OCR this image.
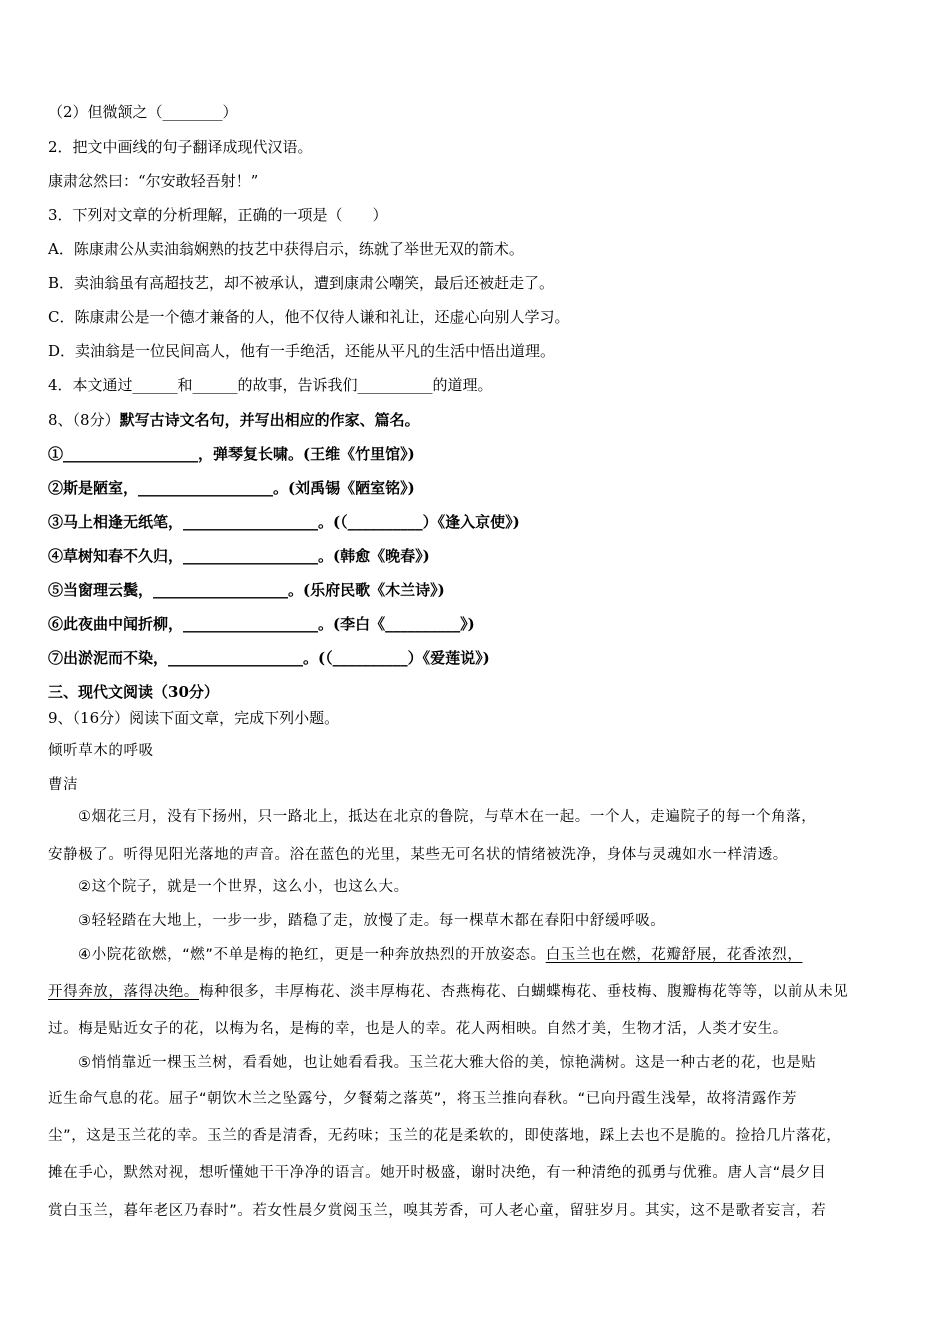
（2）但微颔之（________）
2．把文中画线的句子翻译成现代汉语。
康肃忿然曰：“尔安敢轻吾射！”
3．下列对文章的分析理解，正确的一项是（　　）
A．陈康肃公从卖油翁娴熟的技艺中获得启示，练就了举世无双的箭术。
B．卖油翁虽有高超技艺，却不被承认，遭到康肃公嘲笑，最后还被赶走了。
C．陈康肃公是一个德才兼备的人，他不仅待人谦和礼让，还虚心向别人学习。
D．卖油翁是一位民间高人，他有一手绝活，还能从平凡的生活中悟出道理。
4．本文通过______和______的故事，告诉我们__________的道理。
8、（8分）默写古诗文名句，并写出相应的作家、篇名。
①__________________，弹琴复长啸。(王维《竹里馆》)
②斯是陋室，__________________。(刘禹锡《陋室铭》)
③马上相逢无纸笔，__________________。(（__________）《逢入京使》)
④草树知春不久归，__________________。(韩愈《晚春》)
⑤当窗理云鬓，__________________。(乐府民歌《木兰诗》)
⑥此夜曲中闻折柳，__________________。(李白《__________》)
⑦出淤泥而不染，__________________。(（__________）《爱莲说》)
三、现代文阅读（30分）
9、（16分）阅读下面文章，完成下列小题。
倾听草木的呼吸
曹洁
①烟花三月，没有下扬州，只一路北上，抵达在北京的鲁院，与草木在一起。一个人，走遍院子的每一个角落，
安静极了。听得见阳光落地的声音。浴在蓝色的光里，某些无可名状的情绪被洗净，身体与灵魂如水一样清透。
②这个院子，就是一个世界，这么小，也这么大。
③轻轻踏在大地上，一步一步，踏稳了走，放慢了走。每一棵草木都在春阳中舒缓呼吸。
④小院花欲燃，“燃”不单是梅的艳红，更是一种奔放热烈的开放姿态。白玉兰也在燃，花瓣舒展，花香浓烈，
开得奔放，落得决绝。梅种很多，丰厚梅花、淡丰厚梅花、杏燕梅花、白蝴蝶梅花、垂枝梅、腹瓣梅花等等，以前从未见
过。梅是贴近女子的花，以梅为名，是梅的幸，也是人的幸。花人两相映。自然才美，生物才活，人类才安生。
⑤悄悄靠近一棵玉兰树，看看她，也让她看看我。玉兰花大雅大俗的美，惊艳满树。这是一种古老的花，也是贴
近生命气息的花。屈子“朝饮木兰之坠露兮，夕餐菊之落英”，将玉兰推向春秋。“已向丹霞生浅晕，故将清露作芳
尘”，这是玉兰花的幸。玉兰的香是清香，无药味；玉兰的花是柔软的，即使落地，踩上去也不是脆的。捡拾几片落花，
摊在手心，默然对视，想听懂她干干净净的语言。她开时极盛，谢时决绝，有一种清绝的孤勇与优雅。唐人言“晨夕目
赏白玉兰，暮年老区乃春时”。若女性晨夕赏阅玉兰，嗅其芳香，可人老心童，留驻岁月。其实，这不是歌者妄言，若
